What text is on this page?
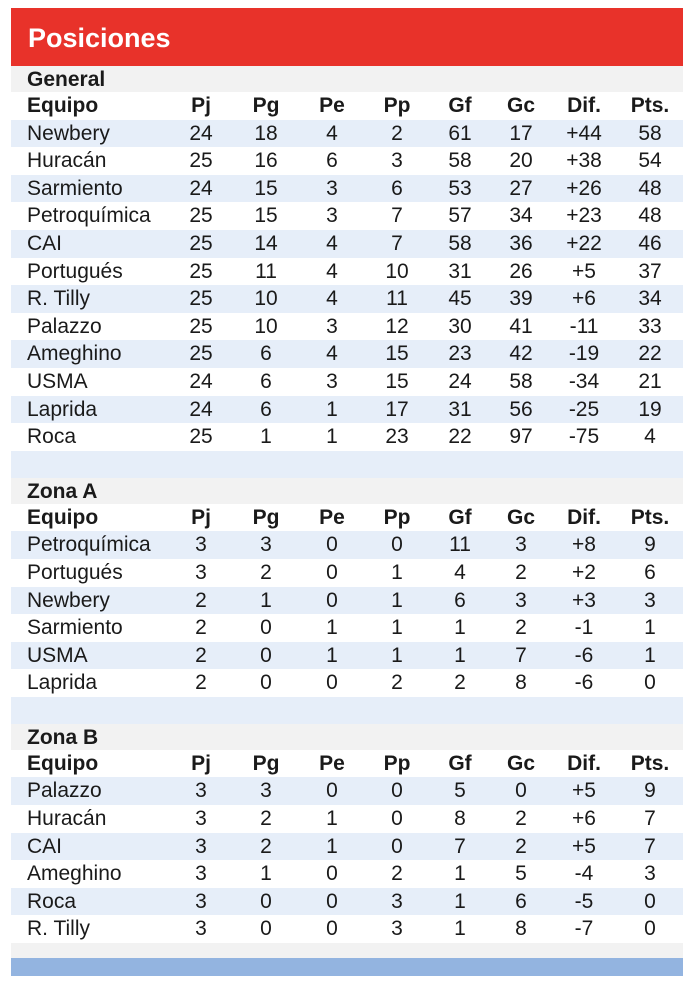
Posiciones
General
Equipo	Pj	Pg	Pe	Pp	Gf	Gc	Dif.	Pts.
Newbery	24	18	4	2	61	17	+44	58
Huracán	25	16	6	3	58	20	+38	54
Sarmiento	24	15	3	6	53	27	+26	48
Petroquímica	25	15	3	7	57	34	+23	48
CAI	25	14	4	7	58	36	+22	46
Portugués	25	11	4	10	31	26	+5	37
R. Tilly	25	10	4	11	45	39	+6	34
Palazzo	25	10	3	12	30	41	-11	33
Ameghino	25	6	4	15	23	42	-19	22
USMA	24	6	3	15	24	58	-34	21
Laprida	24	6	1	17	31	56	-25	19
Roca	25	1	1	23	22	97	-75	4
Zona A
Equipo	Pj	Pg	Pe	Pp	Gf	Gc	Dif.	Pts.
Petroquímica	3	3	0	0	11	3	+8	9
Portugués	3	2	0	1	4	2	+2	6
Newbery	2	1	0	1	6	3	+3	3
Sarmiento	2	0	1	1	1	2	-1	1
USMA	2	0	1	1	1	7	-6	1
Laprida	2	0	0	2	2	8	-6	0
Zona B
Equipo	Pj	Pg	Pe	Pp	Gf	Gc	Dif.	Pts.
Palazzo	3	3	0	0	5	0	+5	9
Huracán	3	2	1	0	8	2	+6	7
CAI	3	2	1	0	7	2	+5	7
Ameghino	3	1	0	2	1	5	-4	3
Roca	3	0	0	3	1	6	-5	0
R. Tilly	3	0	0	3	1	8	-7	0
